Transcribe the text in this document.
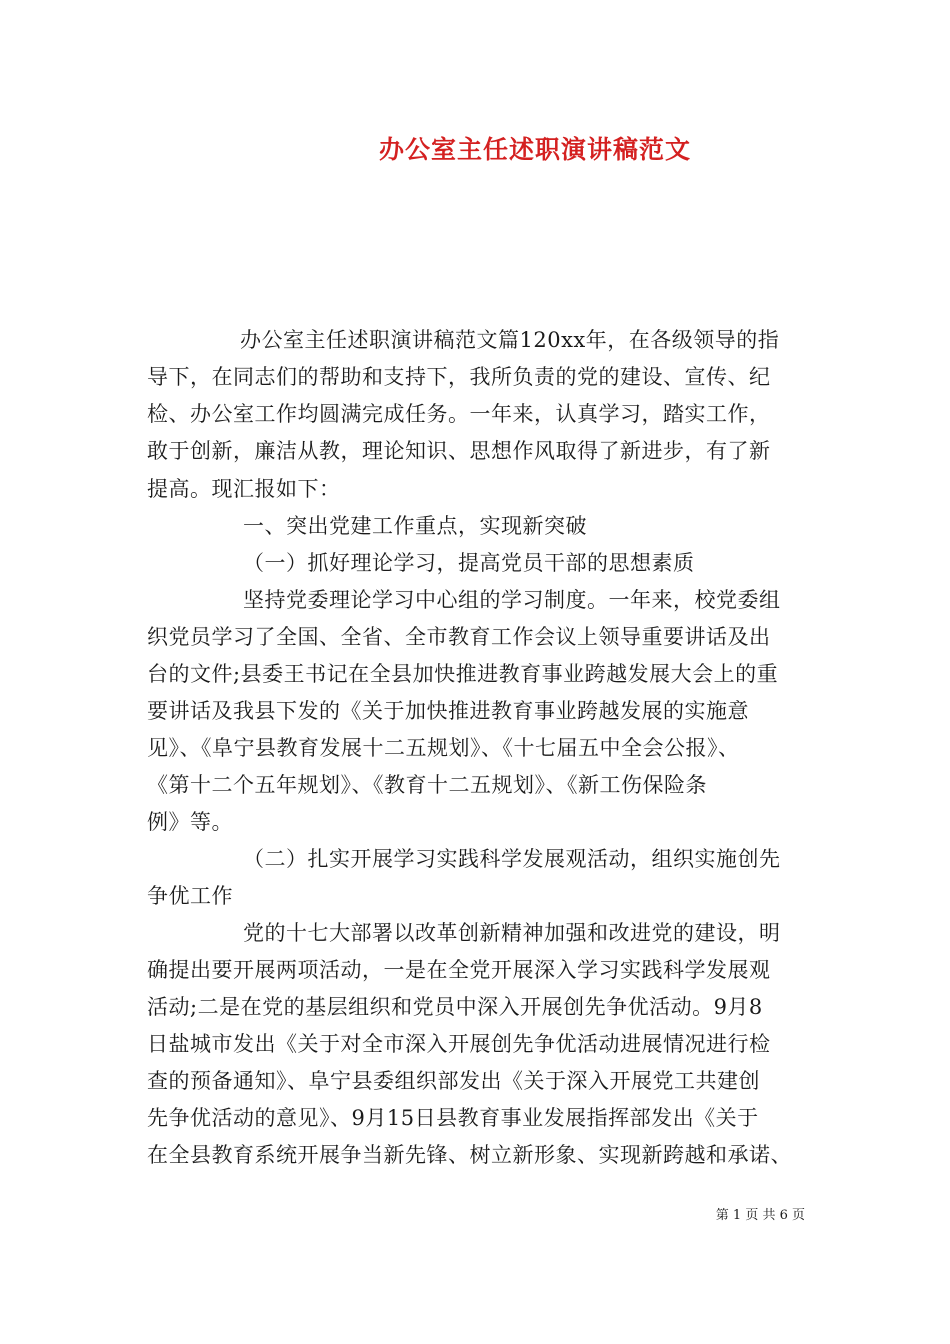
办公室主任述职演讲稿范文
办公室主任述职演讲稿范文篇120xx年，在各级领导的指
导下，在同志们的帮助和支持下，我所负责的党的建设、宣传、纪
检、办公室工作均圆满完成任务。一年来，认真学习，踏实工作，
敢于创新，廉洁从教，理论知识、思想作风取得了新进步，有了新
提高。现汇报如下：
一、突出党建工作重点，实现新突破
（一）抓好理论学习，提高党员干部的思想素质
坚持党委理论学习中心组的学习制度。一年来，校党委组
织党员学习了全国、全省、全市教育工作会议上领导重要讲话及出
台的文件;县委王书记在全县加快推进教育事业跨越发展大会上的重
要讲话及我县下发的《关于加快推进教育事业跨越发展的实施意
见》、《阜宁县教育发展十二五规划》、《十七届五中全会公报》、
《第十二个五年规划》、《教育十二五规划》、《新工伤保险条
例》等。
（二）扎实开展学习实践科学发展观活动，组织实施创先
争优工作
党的十七大部署以改革创新精神加强和改进党的建设，明
确提出要开展两项活动，一是在全党开展深入学习实践科学发展观
活动;二是在党的基层组织和党员中深入开展创先争优活动。9月8
日盐城市发出《关于对全市深入开展创先争优活动进展情况进行检
查的预备通知》、阜宁县委组织部发出《关于深入开展党工共建创
先争优活动的意见》、9月15日县教育事业发展指挥部发出《关于
在全县教育系统开展争当新先锋、树立新形象、实现新跨越和承诺、
第 1 页 共 6 页
